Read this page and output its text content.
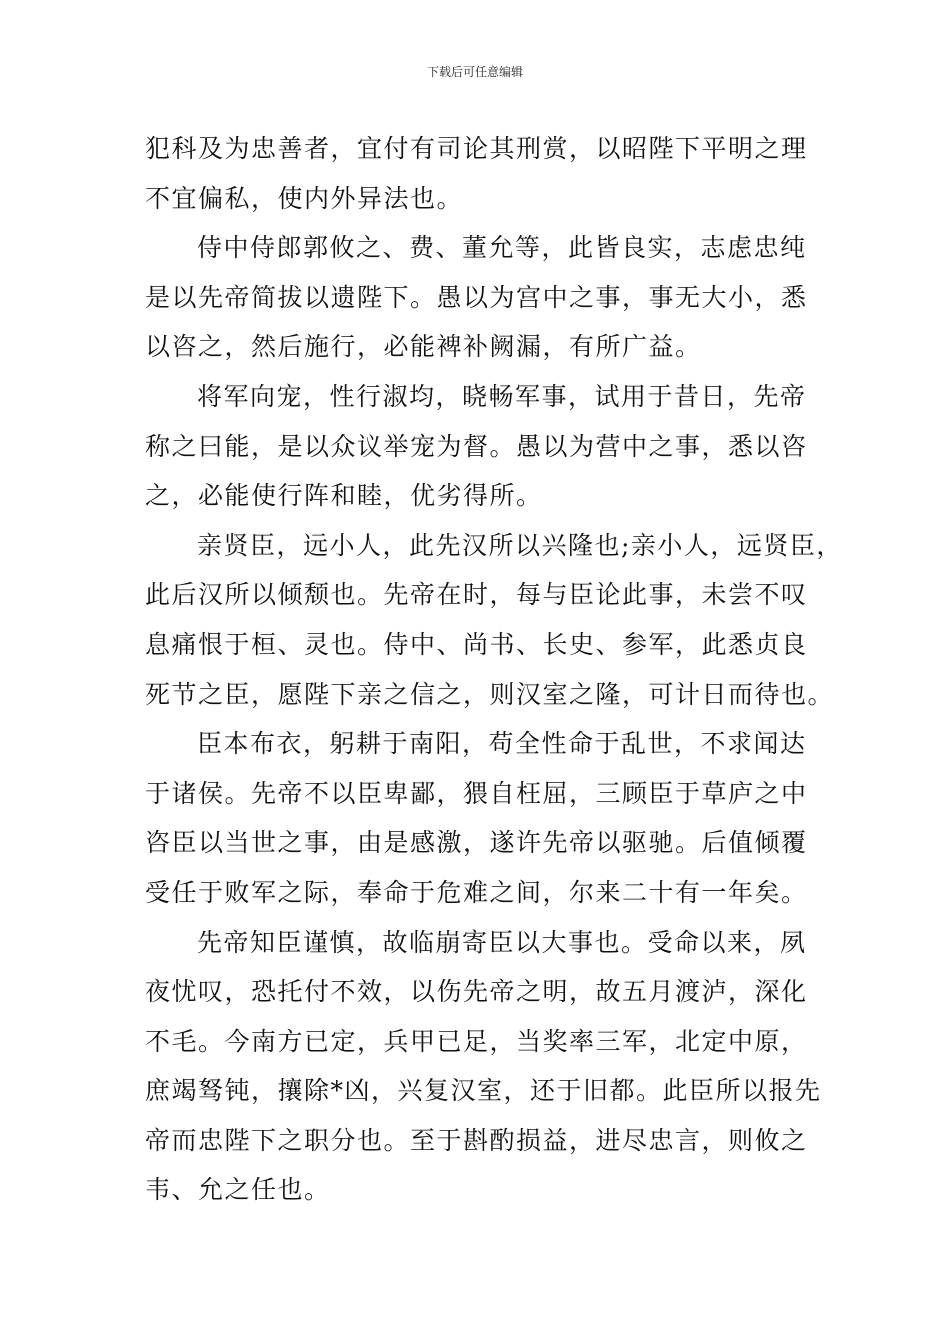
下载后可任意编辑
犯科及为忠善者，宜付有司论其刑赏，以昭陛下平明之理
不宜偏私，使内外异法也。
侍中侍郎郭攸之、费、董允等，此皆良实，志虑忠纯
是以先帝简拔以遗陛下。愚以为宫中之事，事无大小，悉
以咨之，然后施行，必能裨补阙漏，有所广益。
将军向宠，性行淑均，晓畅军事，试用于昔日，先帝
称之曰能，是以众议举宠为督。愚以为营中之事，悉以咨
之，必能使行阵和睦，优劣得所。
亲贤臣，远小人，此先汉所以兴隆也;亲小人，远贤臣，
此后汉所以倾颓也。先帝在时，每与臣论此事，未尝不叹
息痛恨于桓、灵也。侍中、尚书、长史、参军，此悉贞良
死节之臣，愿陛下亲之信之，则汉室之隆，可计日而待也。
臣本布衣，躬耕于南阳，苟全性命于乱世，不求闻达
于诸侯。先帝不以臣卑鄙，猥自枉屈，三顾臣于草庐之中
咨臣以当世之事，由是感激，遂许先帝以驱驰。后值倾覆
受任于败军之际，奉命于危难之间，尔来二十有一年矣。
先帝知臣谨慎，故临崩寄臣以大事也。受命以来，夙
夜忧叹，恐托付不效，以伤先帝之明，故五月渡泸，深化
不毛。今南方已定，兵甲已足，当奖率三军，北定中原，
庶竭驽钝，攘除*凶，兴复汉室，还于旧都。此臣所以报先
帝而忠陛下之职分也。至于斟酌损益，进尽忠言，则攸之
韦、允之任也。
